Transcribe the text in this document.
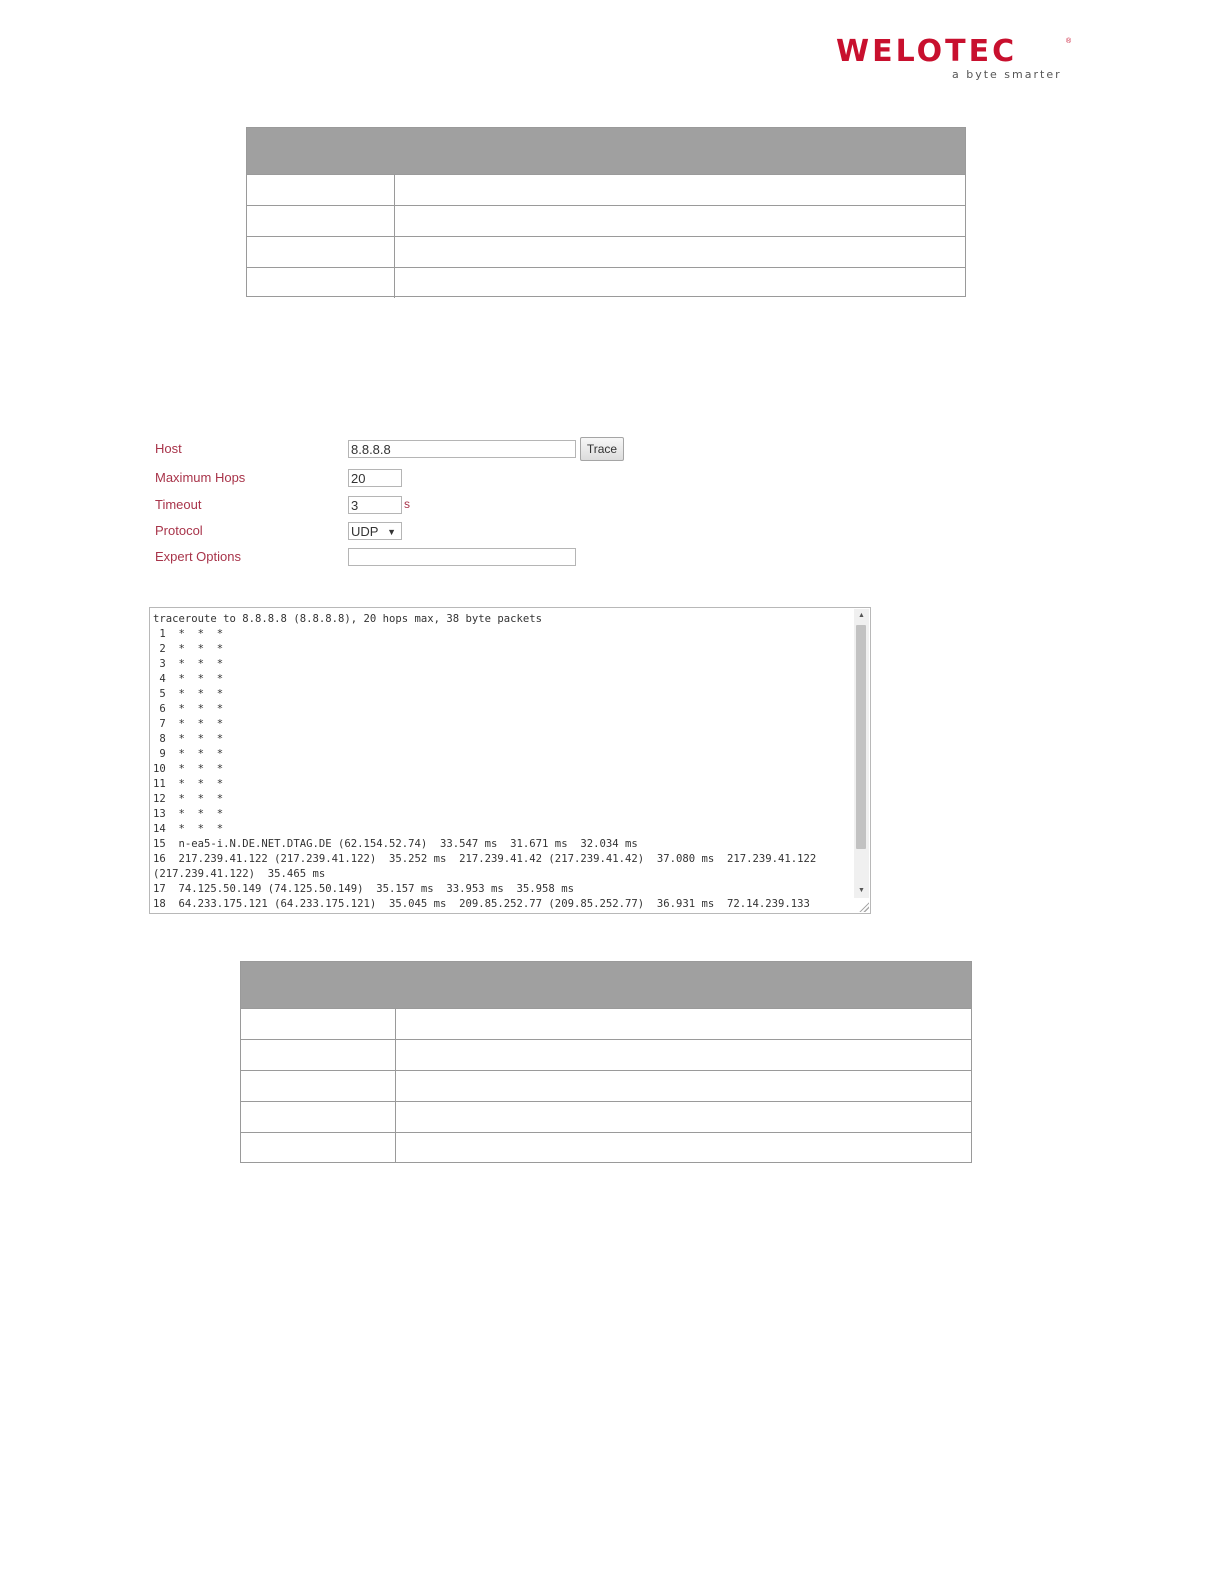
WELOTEC	®
a byte smarter
Host	8.8.8.8	Trace
Maximum Hops	20
Timeout	3	s
Protocol	UDP ▼
Expert Options
traceroute to 8.8.8.8 (8.8.8.8), 20 hops max, 38 byte packets
1  *  *  *
2  *  *  *
3  *  *  *
4  *  *  *
5  *  *  *
6  *  *  *
7  *  *  *
8  *  *  *
9  *  *  *
10  *  *  *
11  *  *  *
12  *  *  *
13  *  *  *
14  *  *  *
15  n-ea5-i.N.DE.NET.DTAG.DE (62.154.52.74)  33.547 ms  31.671 ms  32.034 ms
16  217.239.41.122 (217.239.41.122)  35.252 ms  217.239.41.42 (217.239.41.42)  37.080 ms  217.239.41.122
(217.239.41.122)  35.465 ms
17  74.125.50.149 (74.125.50.149)  35.157 ms  33.953 ms  35.958 ms
18  64.233.175.121 (64.233.175.121)  35.045 ms  209.85.252.77 (209.85.252.77)  36.931 ms  72.14.239.133
▲
▼
